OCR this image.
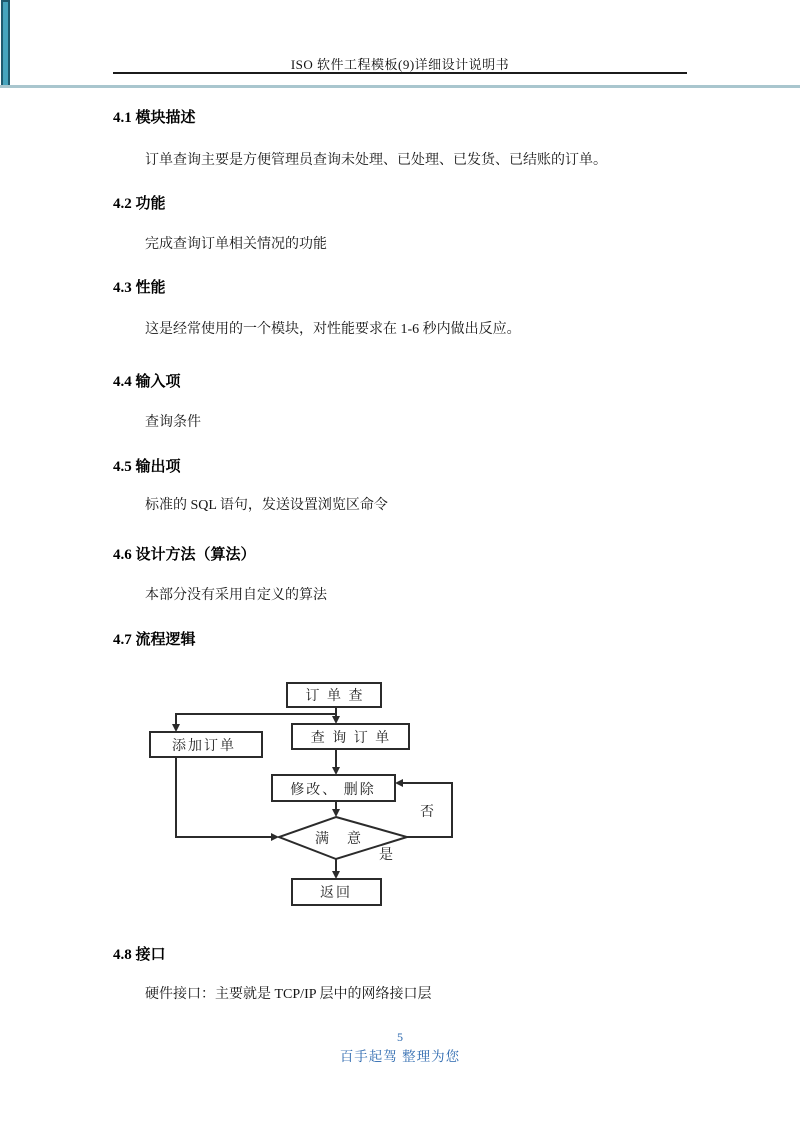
ISO 软件工程模板(9)详细设计说明书
4.1 模块描述
订单查询主要是方便管理员查询未处理、已处理、已发货、已结账的订单。
4.2 功能
完成查询订单相关情况的功能
4.3 性能
这是经常使用的一个模块，对性能要求在 1-6 秒内做出反应。
4.4 输入项
查询条件
4.5 输出项
标准的 SQL 语句，发送设置浏览区命令
4.6 设计方法（算法）
本部分没有采用自定义的算法
4.7 流程逻辑
订 单 查
查 询 订 单
添加订单
修改、 删除
满　意
返回
否
是
4.8 接口
硬件接口：主要就是 TCP/IP 层中的网络接口层
5
百手起驾 整理为您
